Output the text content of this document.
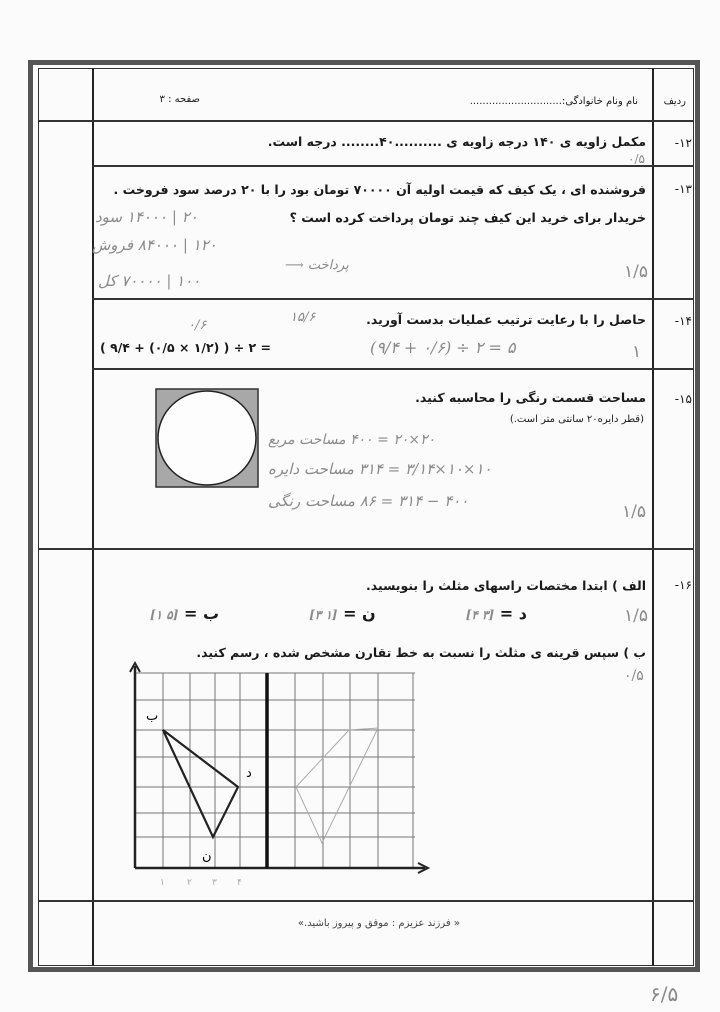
ردیف
نام ونام خانوادگی:.............................
صفحه : ۳
-۱۲
مکمل زاویه ی ۱۴۰ درجه زاویه ی ..........۴۰........ درجه است.
۰/۵
-۱۳
فروشنده ای ، یک کیف که قیمت اولیه آن ۷۰۰۰۰ تومان بود را با ۲۰ درصد سود فروخت .
خریدار برای خرید این کیف چند تومان پرداخت کرده است ؟
۲۰ | ۱۴۰۰۰ سود
۱۲۰ | ۸۴۰۰۰ فروش
۱۰۰ | ۷۰۰۰۰ کل
پرداخت ⟶	۱/۵
-۱۴
حاصل را با رعایت ترتیب عملیات بدست آورید.
( ۹/۴ + (۰/۵ × ۱/۲) ) ÷ ۲ =
۰/۶
(۹/۴ + ۰/۶) ÷ ۲ = ۵
۱۵/۶
۱
-۱۵
مساحت قسمت رنگی را محاسبه کنید.
(قطر دایره۲۰ سانتی متر است.)
۲۰×۲۰ = ۴۰۰ مساحت مربع
۱۰×۱۰×۳/۱۴ = ۳۱۴ مساحت دایره
۴۰۰ − ۳۱۴ = ۸۶ مساحت رنگی
۱/۵
-۱۶
الف ) ابتدا مختصات راسهای مثلث را بنویسید.
[۱ ۵] = ب	[۳ ۱] = ن	[۴ ۳] = د
ب ) سپس قرینه ی مثلث را نسبت به خط تقارن مشخص شده ، رسم کنید.
۱/۵
۰/۵
ب
د
ن
۱ ۲ ۳ ۴
« فرزند عزیزم : موفق و پیروز باشید.»
۶/۵
